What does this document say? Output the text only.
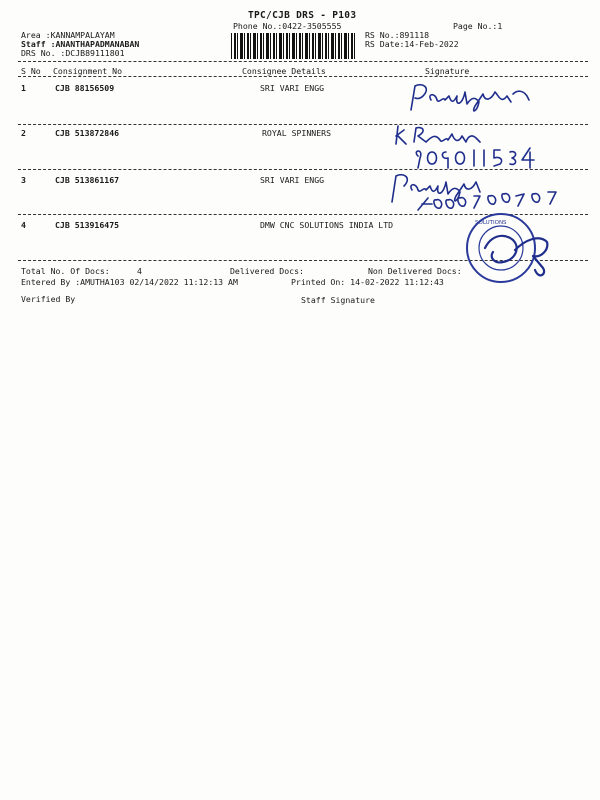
TPC/CJB DRS - P103
Phone No.:0422-3505555	Page No.:1
Area :KANNAMPALAYAM
Staff :ANANTHAPADMANABAN
DRS No. :DCJB89111801
RS No.:891118
RS Date:14-Feb-2022
S No Consignment No	Consignee Details	Signature
1	CJB 88156509	SRI VARI ENGG
2	CJB 513872846	ROYAL SPINNERS
3	CJB 513861167	SRI VARI ENGG
4	CJB 513916475	DMW CNC SOLUTIONS INDIA LTD	SOLUTIONS
Total No. Of Docs:	4	Delivered Docs:	Non Delivered Docs:
Entered By :AMUTHA103 02/14/2022 11:12:13 AM	Printed On: 14-02-2022 11:12:43
Verified By	Staff Signature
